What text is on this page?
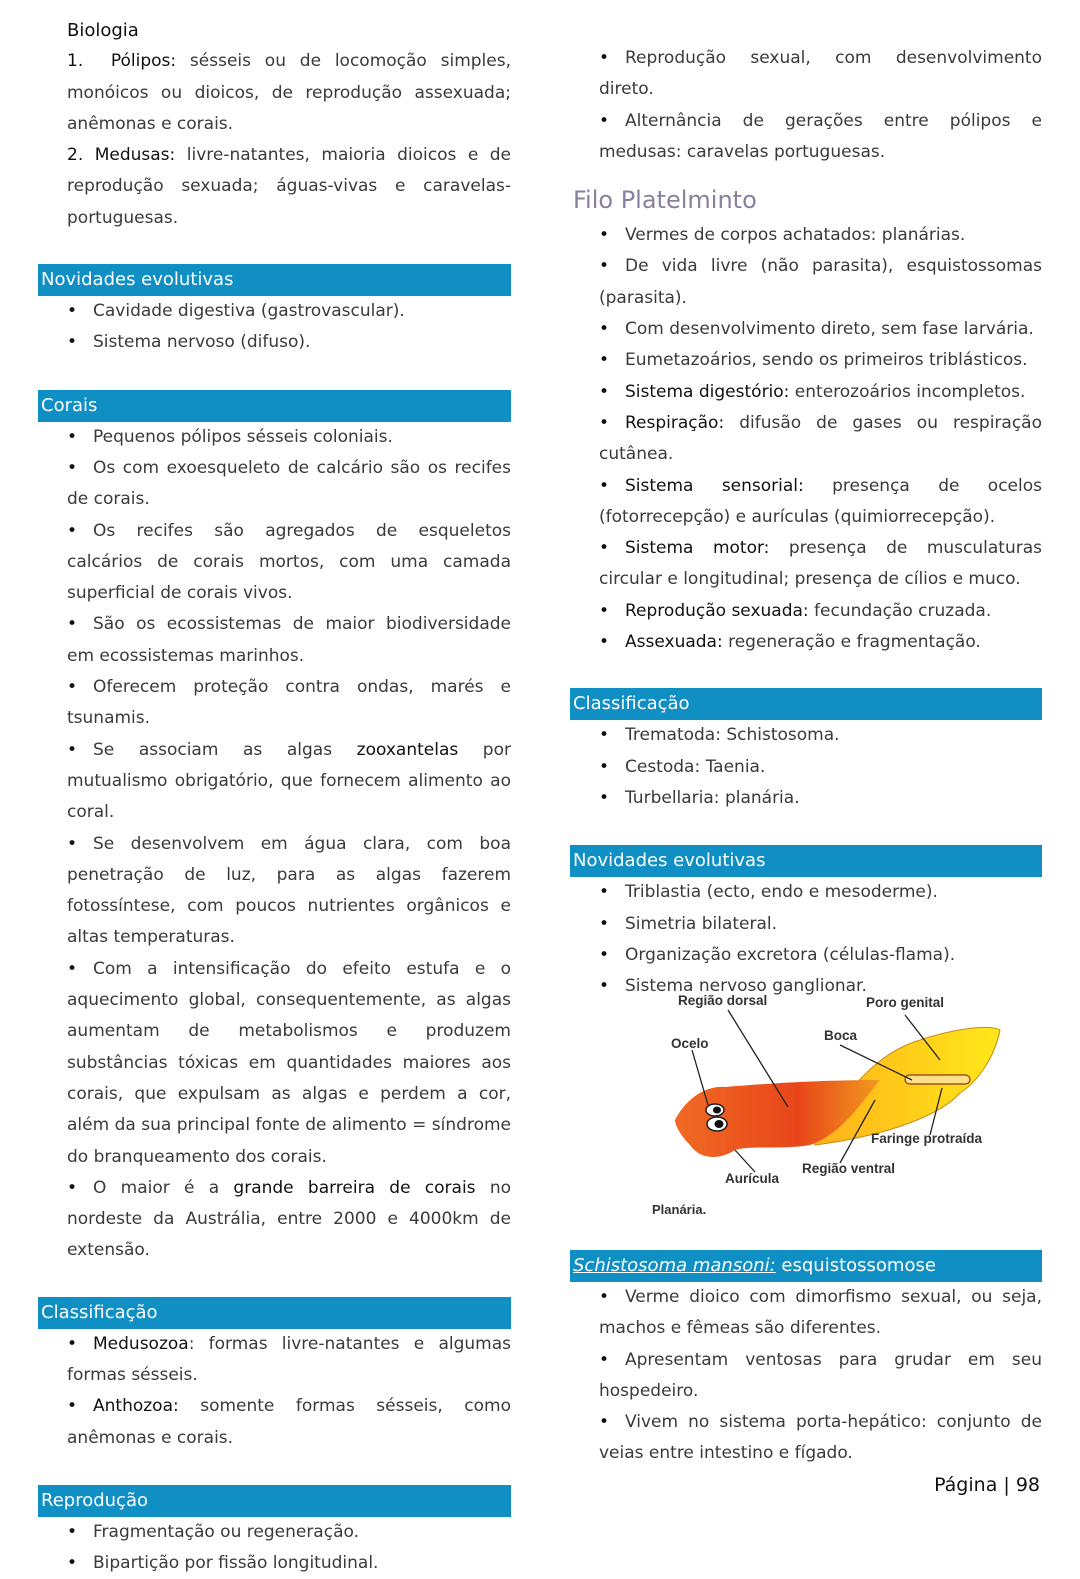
Biologia
1. Pólipos: sésseis ou de locomoção simples, monóicos ou dioicos, de reprodução assexuada; anêmonas e corais.
2. Medusas: livre-natantes, maioria dioicos e de reprodução sexuada; águas-vivas e caravelas-portuguesas.
Novidades evolutivas
• Cavidade digestiva (gastrovascular).
• Sistema nervoso (difuso).
Corais
• Pequenos pólipos sésseis coloniais.
• Os com exoesqueleto de calcário são os recifes de corais.
• Os recifes são agregados de esqueletos calcários de corais mortos, com uma camada superficial de corais vivos.
• São os ecossistemas de maior biodiversidade em ecossistemas marinhos.
• Oferecem proteção contra ondas, marés e tsunamis.
• Se associam as algas zooxantelas por mutualismo obrigatório, que fornecem alimento ao coral.
• Se desenvolvem em água clara, com boa penetração de luz, para as algas fazerem fotossíntese, com poucos nutrientes orgânicos e altas temperaturas.
• Com a intensificação do efeito estufa e o aquecimento global, consequentemente, as algas aumentam de metabolismos e produzem substâncias tóxicas em quantidades maiores aos corais, que expulsam as algas e perdem a cor, além da sua principal fonte de alimento = síndrome do branqueamento dos corais.
• O maior é a grande barreira de corais no nordeste da Austrália, entre 2000 e 4000km de extensão.
Classificação
• Medusozoa: formas livre-natantes e algumas formas sésseis.
• Anthozoa: somente formas sésseis, como anêmonas e corais.
Reprodução
• Fragmentação ou regeneração.
• Bipartição por fissão longitudinal.
• Reprodução sexual, com desenvolvimento direto.
• Alternância de gerações entre pólipos e medusas: caravelas portuguesas.
Filo Platelminto
• Vermes de corpos achatados: planárias.
• De vida livre (não parasita), esquistossomas (parasita).
• Com desenvolvimento direto, sem fase larvária.
• Eumetazoários, sendo os primeiros triblásticos.
• Sistema digestório: enterozoários incompletos.
• Respiração: difusão de gases ou respiração cutânea.
• Sistema sensorial: presença de ocelos (fotorrecepção) e aurículas (quimiorrecepção).
• Sistema motor: presença de musculaturas circular e longitudinal; presença de cílios e muco.
• Reprodução sexuada: fecundação cruzada.
• Assexuada: regeneração e fragmentação.
Classificação
• Trematoda: Schistosoma.
• Cestoda: Taenia.
• Turbellaria: planária.
Novidades evolutivas
• Triblastia (ecto, endo e mesoderme).
• Simetria bilateral.
• Organização excretora (células-flama).
• Sistema nervoso ganglionar.
Região dorsal	Poro genital
Boca
Ocelo
Faringe protraída
Região ventral
Aurícula
Planária.
Schistosoma mansoni: esquistossomose
• Verme dioico com dimorfismo sexual, ou seja, machos e fêmeas são diferentes.
• Apresentam ventosas para grudar em seu hospedeiro.
• Vivem no sistema porta-hepático: conjunto de veias entre intestino e fígado.
Página | 98
